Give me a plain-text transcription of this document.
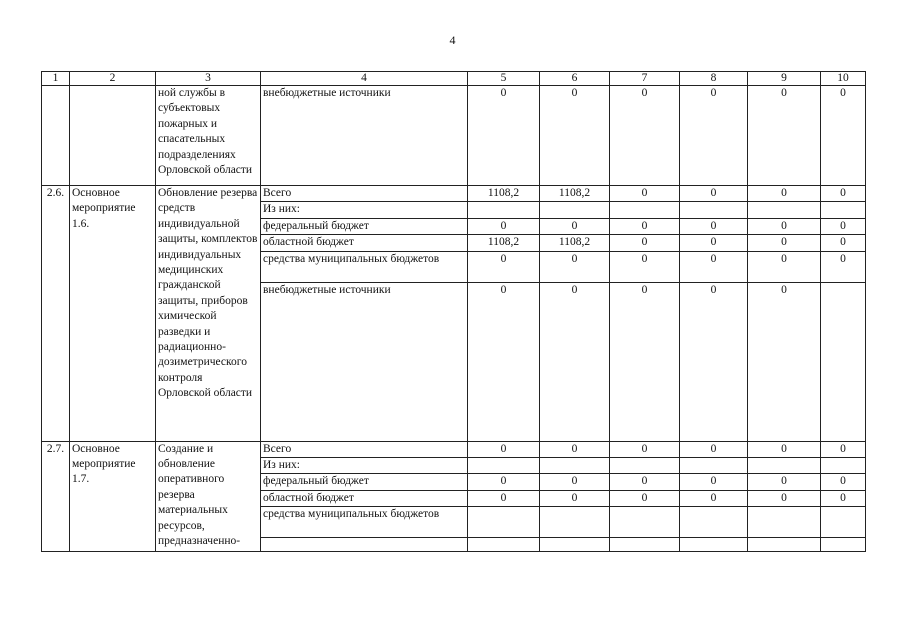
4
1	2	3	4	5	6	7	8	9	10
		ной службы в субъектовых пожарных и спасательных подразделениях Орловской области	внебюджетные источники	0	0	0	0	0	0
2.6.	Основное мероприятие 1.6.	Обновление резерва средств индивидуальной защиты, комплектов индивидуальных медицинских гражданской защиты, приборов химической разведки и радиационно-дозиметрического контроля Орловской области	Всего	1108,2	1108,2	0	0	0	0
			Из них:						
			федеральный бюджет	0	0	0	0	0	0
			областной бюджет	1108,2	1108,2	0	0	0	0
			средства муниципальных бюджетов	0	0	0	0	0	0
			внебюджетные источники	0	0	0	0	0	
2.7.	Основное мероприятие 1.7.	Создание и обновление оперативного резерва материальных ресурсов, предназначенно-	Всего	0	0	0	0	0	0
			Из них:						
			федеральный бюджет	0	0	0	0	0	0
			областной бюджет	0	0	0	0	0	0
			средства муниципальных бюджетов						
